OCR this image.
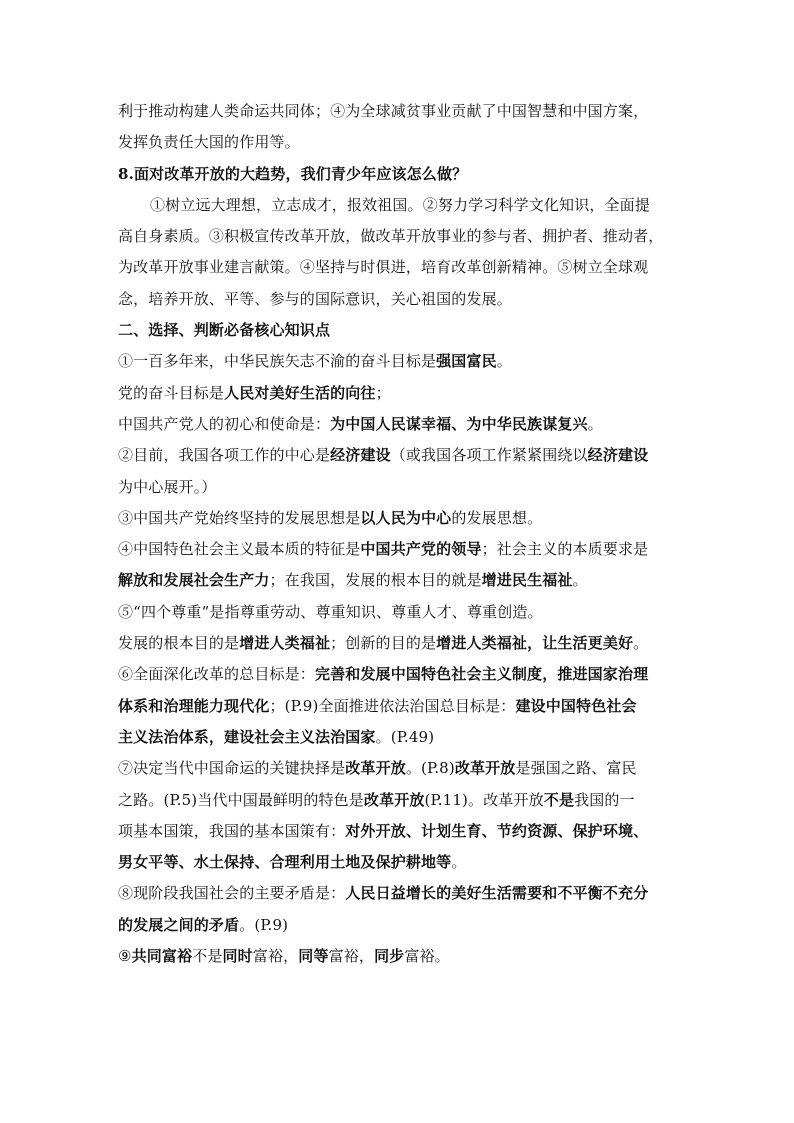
利于推动构建人类命运共同体；④为全球减贫事业贡献了中国智慧和中国方案，
发挥负责任大国的作用等。
8.面对改革开放的大趋势，我们青少年应该怎么做？
①树立远大理想，立志成才，报效祖国。②努力学习科学文化知识，全面提
高自身素质。③积极宣传改革开放，做改革开放事业的参与者、拥护者、推动者，
为改革开放事业建言献策。④坚持与时俱进，培育改革创新精神。⑤树立全球观
念，培养开放、平等、参与的国际意识，关心祖国的发展。
二、选择、判断必备核心知识点
①一百多年来，中华民族矢志不渝的奋斗目标是强国富民。
党的奋斗目标是人民对美好生活的向往；
中国共产党人的初心和使命是：为中国人民谋幸福、为中华民族谋复兴。
②目前，我国各项工作的中心是经济建设（或我国各项工作紧紧围绕以经济建设
为中心展开。）
③中国共产党始终坚持的发展思想是以人民为中心的发展思想。
④中国特色社会主义最本质的特征是中国共产党的领导；社会主义的本质要求是
解放和发展社会生产力；在我国，发展的根本目的就是增进民生福祉。
⑤“四个尊重”是指尊重劳动、尊重知识、尊重人才、尊重创造。
发展的根本目的是增进人类福祉；创新的目的是增进人类福祉，让生活更美好。
⑥全面深化改革的总目标是：完善和发展中国特色社会主义制度，推进国家治理
体系和治理能力现代化；(P.9)全面推进依法治国总目标是：建设中国特色社会
主义法治体系，建设社会主义法治国家。(P.49)
⑦决定当代中国命运的关键抉择是改革开放。(P.8)改革开放是强国之路、富民
之路。(P.5)当代中国最鲜明的特色是改革开放(P.11)。改革开放不是我国的一
项基本国策，我国的基本国策有：对外开放、计划生育、节约资源、保护环境、
男女平等、水土保持、合理利用土地及保护耕地等。
⑧现阶段我国社会的主要矛盾是：人民日益增长的美好生活需要和不平衡不充分
的发展之间的矛盾。(P.9)
⑨共同富裕不是同时富裕，同等富裕，同步富裕。
